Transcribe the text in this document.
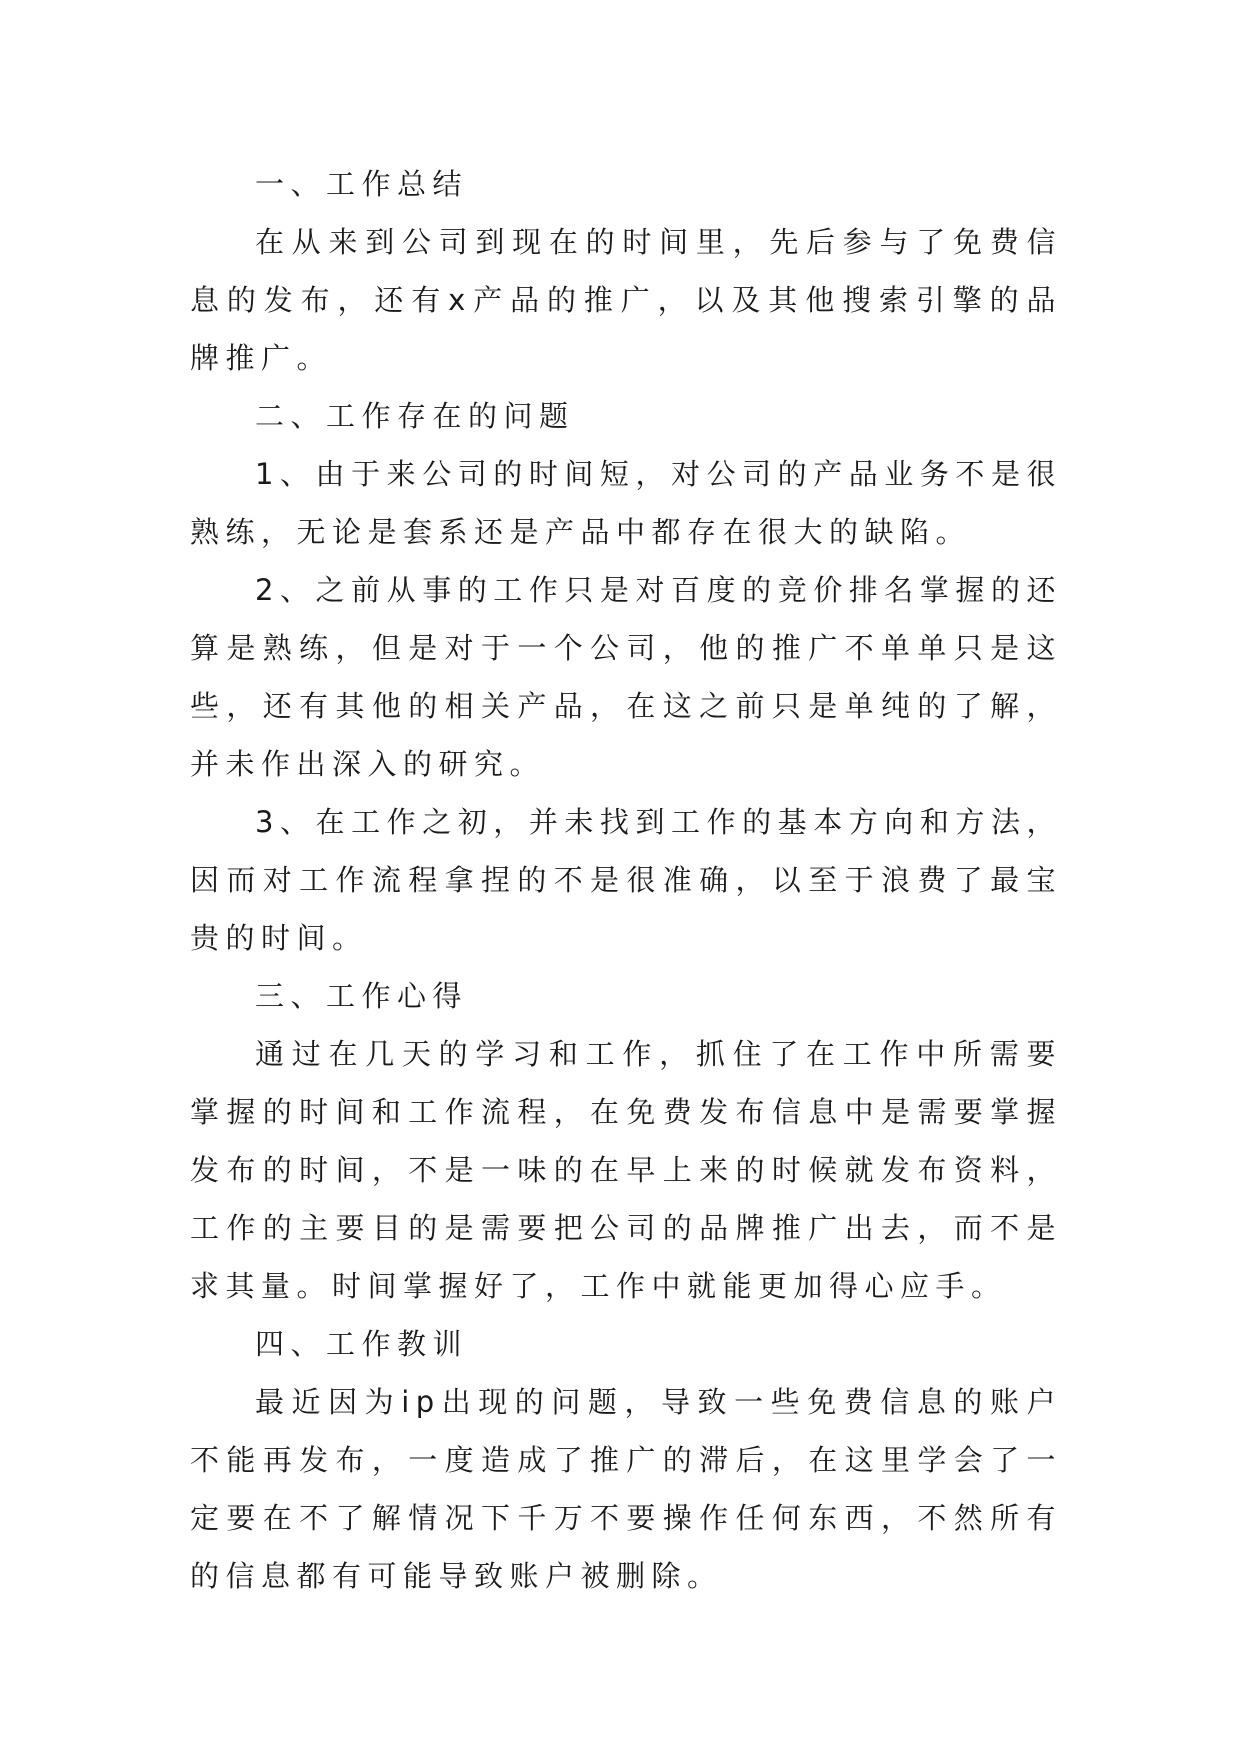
一、工作总结

在从来到公司到现在的时间里，先后参与了免费信息的发布，还有x产品的推广，以及其他搜索引擎的品牌推广。

二、工作存在的问题

1、由于来公司的时间短，对公司的产品业务不是很熟练，无论是套系还是产品中都存在很大的缺陷。

2、之前从事的工作只是对百度的竞价排名掌握的还算是熟练，但是对于一个公司，他的推广不单单只是这些，还有其他的相关产品，在这之前只是单纯的了解，并未作出深入的研究。

3、在工作之初，并未找到工作的基本方向和方法，因而对工作流程拿捏的不是很准确，以至于浪费了最宝贵的时间。

三、工作心得

通过在几天的学习和工作，抓住了在工作中所需要掌握的时间和工作流程，在免费发布信息中是需要掌握发布的时间，不是一味的在早上来的时候就发布资料，工作的主要目的是需要把公司的品牌推广出去，而不是求其量。时间掌握好了，工作中就能更加得心应手。

四、工作教训

最近因为ip出现的问题，导致一些免费信息的账户不能再发布，一度造成了推广的滞后，在这里学会了一定要在不了解情况下千万不要操作任何东西，不然所有的信息都有可能导致账户被删除。
